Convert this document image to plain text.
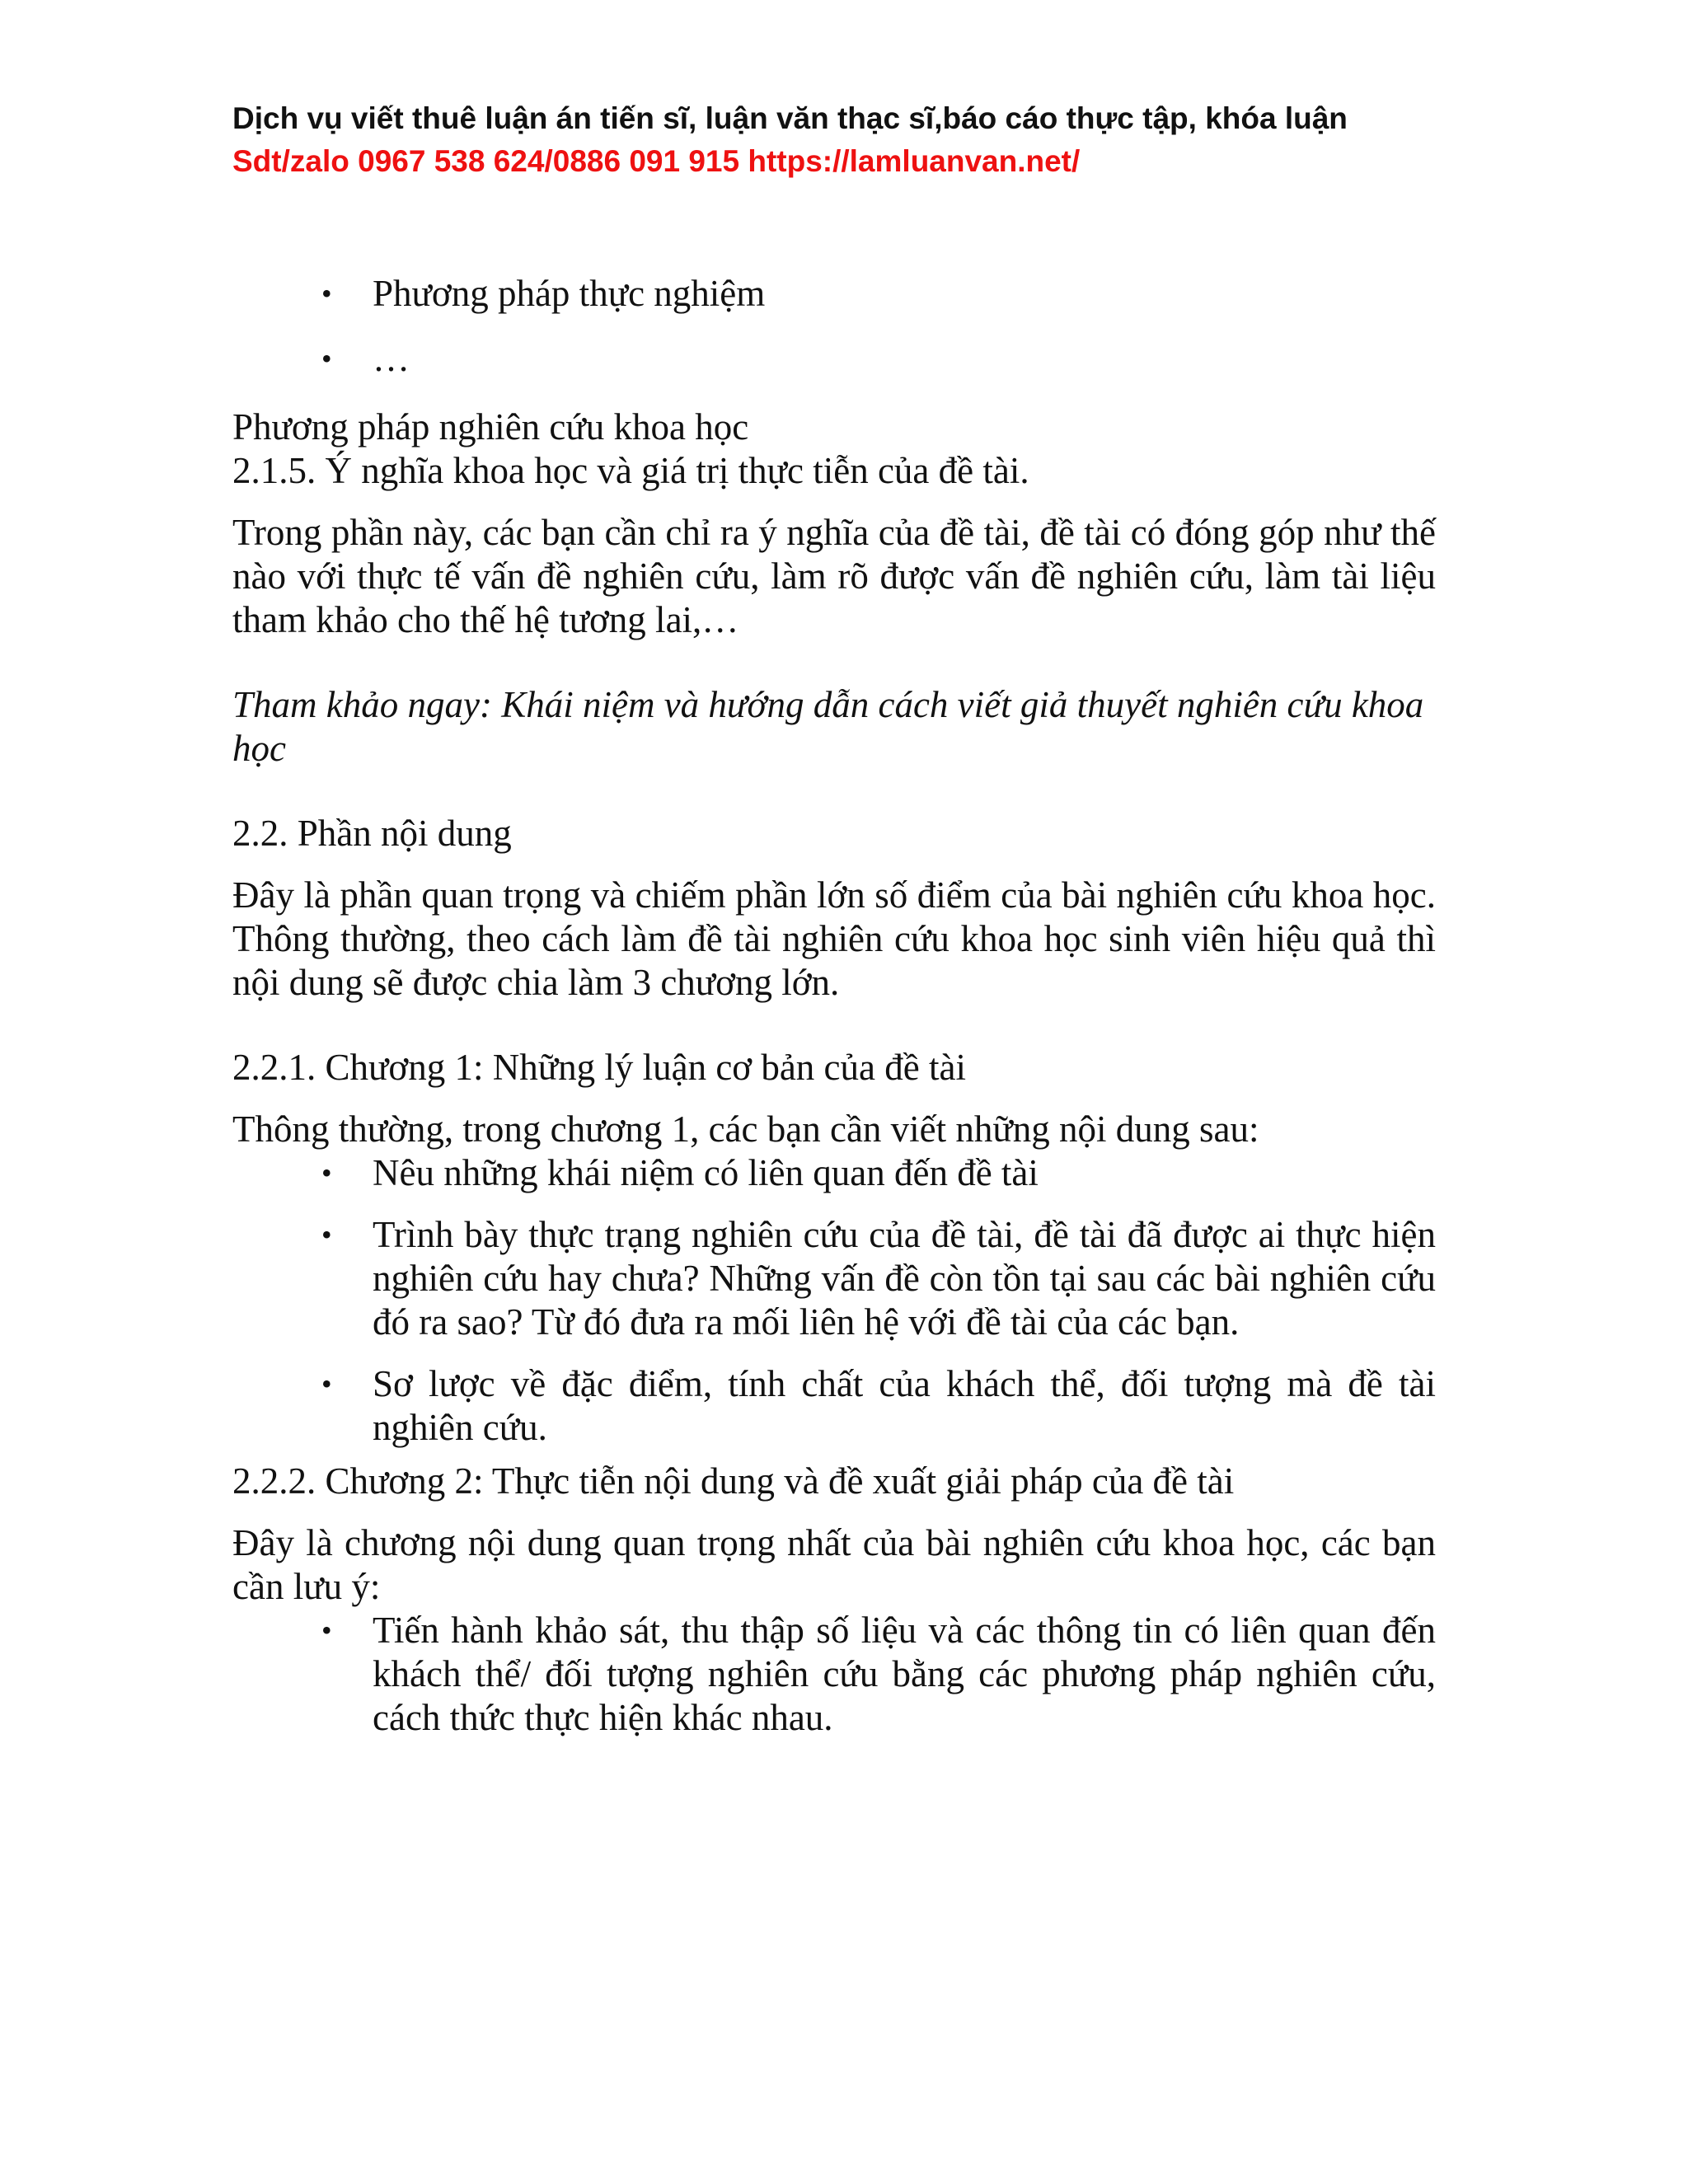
Dịch vụ viết thuê luận án tiến sĩ, luận văn thạc sĩ,báo cáo thực tập, khóa luận
Sdt/zalo 0967 538 624/0886 091 915 https://lamluanvan.net/
• Phương pháp thực nghiệm
• …

Phương pháp nghiên cứu khoa học

2.1.5. Ý nghĩa khoa học và giá trị thực tiễn của đề tài.

Trong phần này, các bạn cần chỉ ra ý nghĩa của đề tài, đề tài có đóng góp như thế nào với thực tế vấn đề nghiên cứu, làm rõ được vấn đề nghiên cứu, làm tài liệu tham khảo cho thế hệ tương lai,…

Tham khảo ngay: Khái niệm và hướng dẫn cách viết giả thuyết nghiên cứu khoa học

2.2. Phần nội dung

Đây là phần quan trọng và chiếm phần lớn số điểm của bài nghiên cứu khoa học. Thông thường, theo cách làm đề tài nghiên cứu khoa học sinh viên hiệu quả thì nội dung sẽ được chia làm 3 chương lớn.

2.2.1. Chương 1: Những lý luận cơ bản của đề tài

Thông thường, trong chương 1, các bạn cần viết những nội dung sau:

• Nêu những khái niệm có liên quan đến đề tài
• Trình bày thực trạng nghiên cứu của đề tài, đề tài đã được ai thực hiện nghiên cứu hay chưa? Những vấn đề còn tồn tại sau các bài nghiên cứu đó ra sao? Từ đó đưa ra mối liên hệ với đề tài của các bạn.
• Sơ lược về đặc điểm, tính chất của khách thể, đối tượng mà đề tài nghiên cứu.

2.2.2. Chương 2: Thực tiễn nội dung và đề xuất giải pháp của đề tài

Đây là chương nội dung quan trọng nhất của bài nghiên cứu khoa học, các bạn cần lưu ý:

• Tiến hành khảo sát, thu thập số liệu và các thông tin có liên quan đến khách thể/ đối tượng nghiên cứu bằng các phương pháp nghiên cứu, cách thức thực hiện khác nhau.
